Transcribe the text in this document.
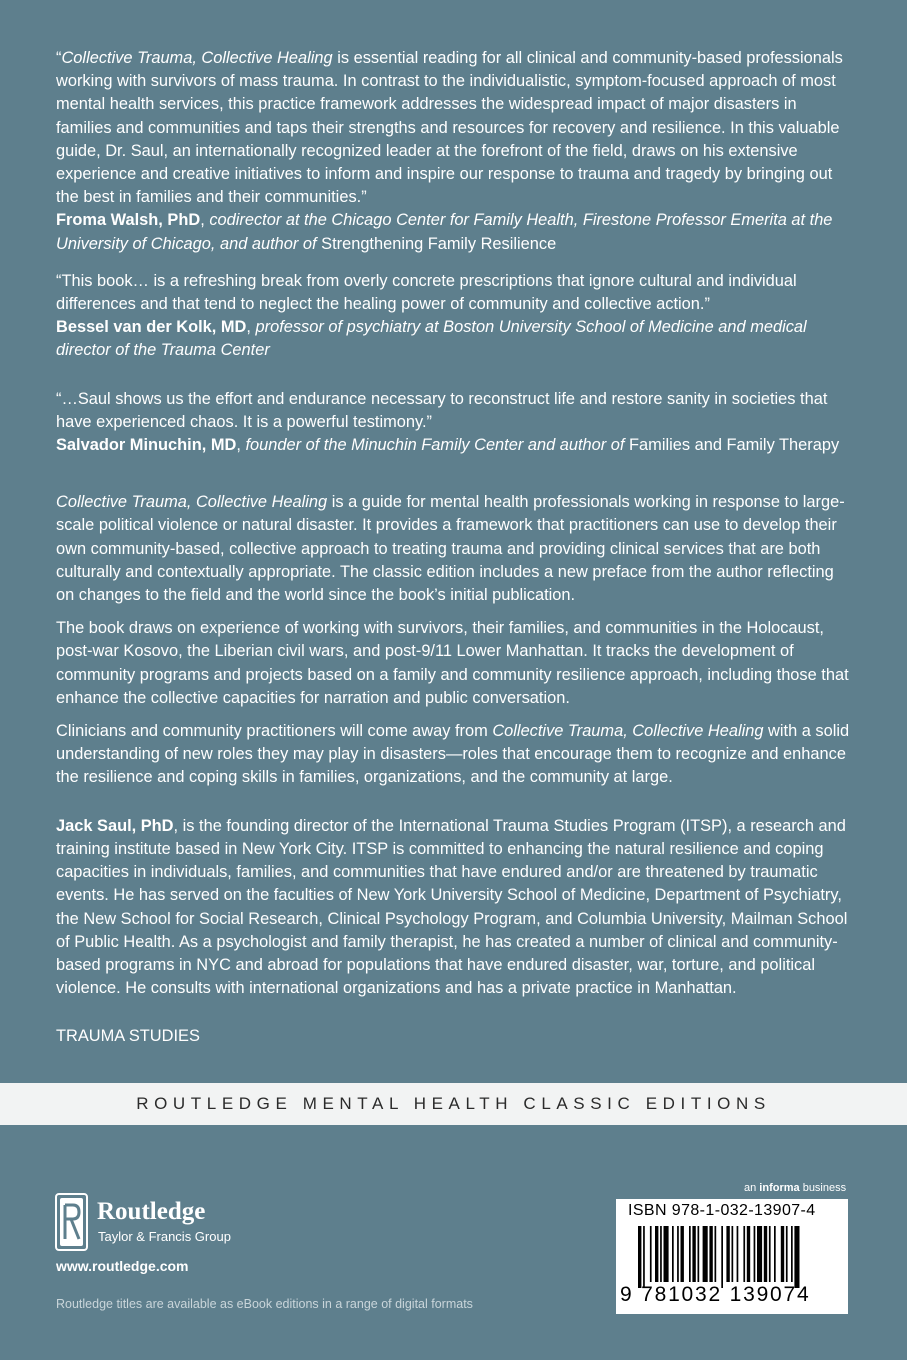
“Collective Trauma, Collective Healing is essential reading for all clinical and community-based professionals working with survivors of mass trauma. In contrast to the individualistic, symptom-focused approach of most mental health services, this practice framework addresses the widespread impact of major disasters in families and communities and taps their strengths and resources for recovery and resilience. In this valuable guide, Dr. Saul, an internationally recognized leader at the forefront of the field, draws on his extensive experience and creative initiatives to inform and inspire our response to trauma and tragedy by bringing out the best in families and their communities.”

Froma Walsh, PhD, codirector at the Chicago Center for Family Health, Firestone Professor Emerita at the University of Chicago, and author of Strengthening Family Resilience

“This book… is a refreshing break from overly concrete prescriptions that ignore cultural and individual differences and that tend to neglect the healing power of community and collective action.”

Bessel van der Kolk, MD, professor of psychiatry at Boston University School of Medicine and medical director of the Trauma Center

“…Saul shows us the effort and endurance necessary to reconstruct life and restore sanity in societies that have experienced chaos. It is a powerful testimony.”

Salvador Minuchin, MD, founder of the Minuchin Family Center and author of Families and Family Therapy

Collective Trauma, Collective Healing is a guide for mental health professionals working in response to large-scale political violence or natural disaster. It provides a framework that practitioners can use to develop their own community-based, collective approach to treating trauma and providing clinical services that are both culturally and contextually appropriate. The classic edition includes a new preface from the author reflecting on changes to the field and the world since the book’s initial publication.

The book draws on experience of working with survivors, their families, and communities in the Holocaust, post-war Kosovo, the Liberian civil wars, and post-9/11 Lower Manhattan. It tracks the development of community programs and projects based on a family and community resilience approach, including those that enhance the collective capacities for narration and public conversation.

Clinicians and community practitioners will come away from Collective Trauma, Collective Healing with a solid understanding of new roles they may play in disasters—roles that encourage them to recognize and enhance the resilience and coping skills in families, organizations, and the community at large.

Jack Saul, PhD, is the founding director of the International Trauma Studies Program (ITSP), a research and training institute based in New York City. ITSP is committed to enhancing the natural resilience and coping capacities in individuals, families, and communities that have endured and/or are threatened by traumatic events. He has served on the faculties of New York University School of Medicine, Department of Psychiatry, the New School for Social Research, Clinical Psychology Program, and Columbia University, Mailman School of Public Health. As a psychologist and family therapist, he has created a number of clinical and community-based programs in NYC and abroad for populations that have endured disaster, war, torture, and political violence. He consults with international organizations and has a private practice in Manhattan.

TRAUMA STUDIES

ROUTLEDGE MENTAL HEALTH CLASSIC EDITIONS
Routledge
Taylor & Francis Group
www.routledge.com
Routledge titles are available as eBook editions in a range of digital formats
an informa business
ISBN 978-1-032-13907-4
9 781032 139074
